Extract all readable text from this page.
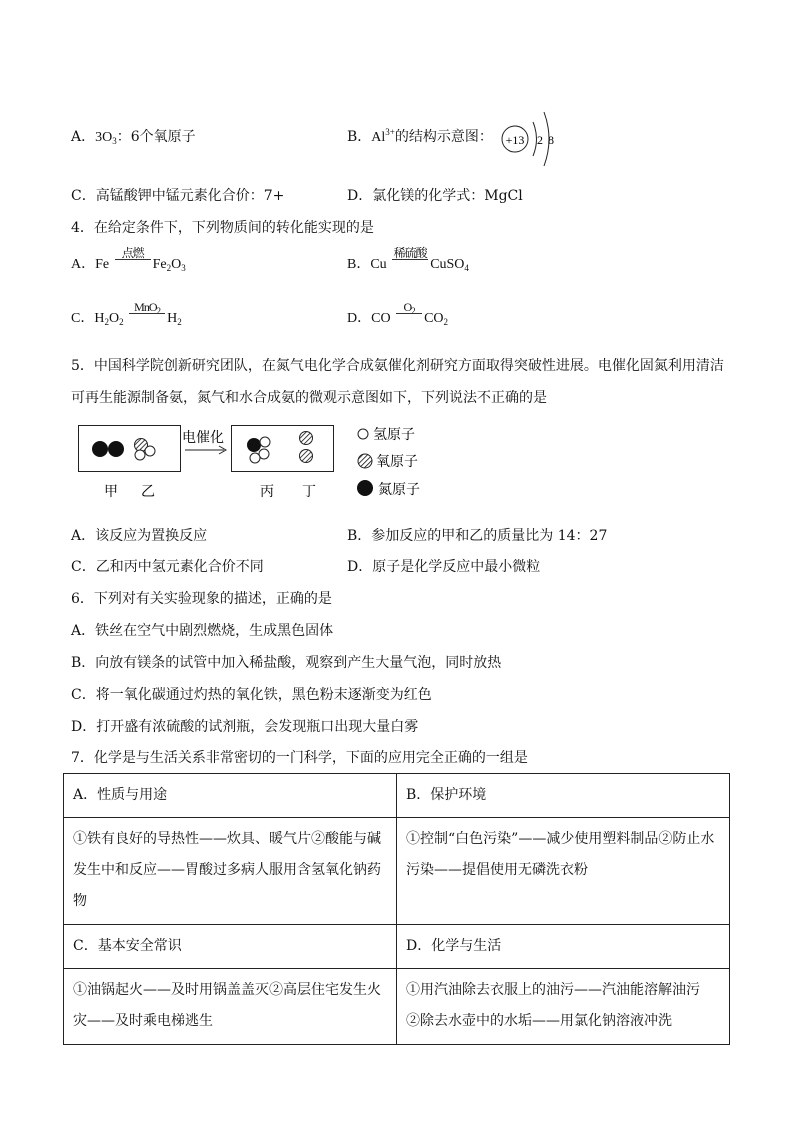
A．$3O_3$：6个氧原子	B．$Al^{3+}$的结构示意图： +13 2 8
C．高锰酸钾中锰元素化合价：7+	D．氯化镁的化学式：MgCl
4．在给定条件下，下列物质间的转化能实现的是
A．Fe
点燃
$Fe_2O_3$	B．Cu
稀硫酸
CuSO$_4$
C．$H_2O_2$
MnO$_2$ $H_2$	D．CO
$O_2$ $CO_2$
5．中国科学院创新研究团队，在氮气电化学合成氨催化剂研究方面取得突破性进展。电催化固氮利用清洁
可再生能源制备氨，氮气和水合成氨的微观示意图如下，下列说法不正确的是
电催化
甲 乙	丙 丁
氢原子
氧原子
氮原子
A．该反应为置换反应	B．参加反应的甲和乙的质量比为 14：27
C．乙和丙中氢元素化合价不同	D．原子是化学反应中最小微粒
6．下列对有关实验现象的描述，正确的是
A．铁丝在空气中剧烈燃烧，生成黑色固体
B．向放有镁条的试管中加入稀盐酸，观察到产生大量气泡，同时放热
C．将一氧化碳通过灼热的氧化铁，黑色粉末逐渐变为红色
D．打开盛有浓硫酸的试剂瓶，会发现瓶口出现大量白雾
7．化学是与生活关系非常密切的一门科学，下面的应用完全正确的一组是
A．性质与用途	B．保护环境
①铁有良好的导热性——炊具、暖气片②酸能与碱发生中和反应——胃酸过多病人服用含氢氧化钠药物	①控制“白色污染”——减少使用塑料制品②防止水污染——提倡使用无磷洗衣粉
C．基本安全常识	D．化学与生活
①油锅起火——及时用锅盖盖灭②高层住宅发生火灾——及时乘电梯逃生	①用汽油除去衣服上的油污——汽油能溶解油污
②除去水壶中的水垢——用氯化钠溶液冲洗
